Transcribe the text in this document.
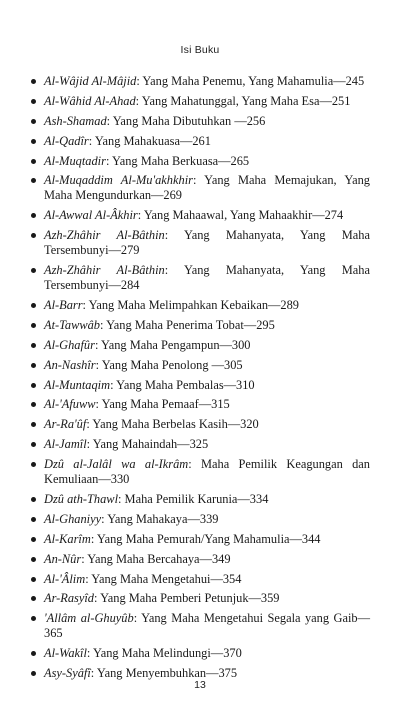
Isi Buku
Al-Wâjid Al-Mâjid: Yang Maha Penemu, Yang Mahamulia—245
Al-Wâhid Al-Ahad: Yang Mahatunggal, Yang Maha Esa—251
Ash-Shamad: Yang Maha Dibutuhkan —256
Al-Qadîr: Yang Mahakuasa—261
Al-Muqtadir: Yang Maha Berkuasa—265
Al-Muqaddim Al-Mu'akhkhir: Yang Maha Memajukan, Yang Maha Mengundurkan—269
Al-Awwal Al-Âkhir: Yang Mahaawal, Yang Mahaakhir—274
Azh-Zhâhir Al-Bâthin: Yang Mahanyata, Yang Maha Tersembunyi—279
Azh-Zhâhir Al-Bâthin: Yang Mahanyata, Yang Maha Tersembunyi—284
Al-Barr: Yang Maha Melimpahkan Kebaikan—289
At-Tawwâb: Yang Maha Penerima Tobat—295
Al-Ghafûr: Yang Maha Pengampun—300
An-Nashîr: Yang Maha Penolong —305
Al-Muntaqim: Yang Maha Pembalas—310
Al-'Afuww: Yang Maha Pemaaf—315
Ar-Ra'ûf: Yang Maha Berbelas Kasih—320
Al-Jamîl: Yang Mahaindah—325
Dzû al-Jalâl wa al-Ikrâm: Maha Pemilik Keagungan dan Kemuliaan—330
Dzû ath-Thawl: Maha Pemilik Karunia—334
Al-Ghaniyy: Yang Mahakaya—339
Al-Karîm: Yang Maha Pemurah/Yang Mahamulia—344
An-Nûr: Yang Maha Bercahaya—349
Al-'Âlim: Yang Maha Mengetahui—354
Ar-Rasyîd: Yang Maha Pemberi Petunjuk—359
'Allâm al-Ghuyûb: Yang Maha Mengetahui Segala yang Gaib—365
Al-Wakîl: Yang Maha Melindungi—370
Asy-Syâfî: Yang Menyembuhkan—375
13
